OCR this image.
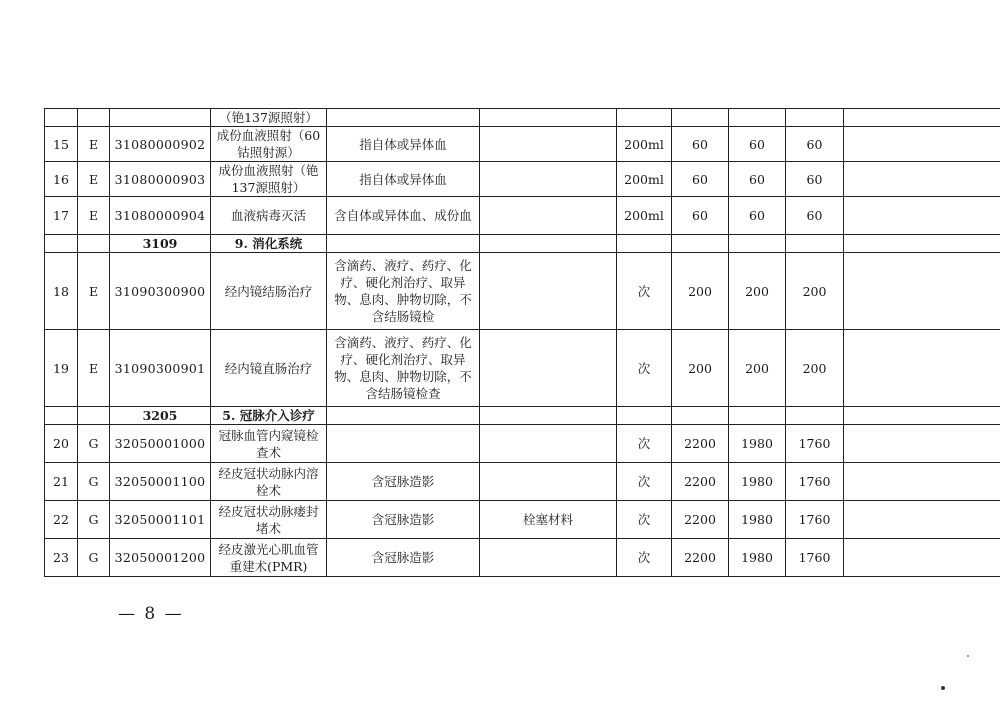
			（铯137源照射）							
15	E	31080000902	成份血液照射（60钴照射源）	指自体或异体血		200ml	60	60	60	
16	E	31080000903	成份血液照射（铯137源照射）	指自体或异体血		200ml	60	60	60	
17	E	31080000904	血液病毒灭活	含自体或异体血、成份血		200ml	60	60	60	
		3109	9. 消化系统							
18	E	31090300900	经内镜结肠治疗	含滴药、液疗、药疗、化疗、硬化剂治疗、取异物、息肉、肿物切除，不含结肠镜检		次	200	200	200	
19	E	31090300901	经内镜直肠治疗	含滴药、液疗、药疗、化疗、硬化剂治疗、取异物、息肉、肿物切除，不含结肠镜检查		次	200	200	200	
		3205	5. 冠脉介入诊疗							
20	G	32050001000	冠脉血管内窥镜检查术			次	2200	1980	1760	
21	G	32050001100	经皮冠状动脉内溶栓术	含冠脉造影		次	2200	1980	1760	
22	G	32050001101	经皮冠状动脉瘘封堵术	含冠脉造影	栓塞材料	次	2200	1980	1760	
23	G	32050001200	经皮激光心肌血管重建术(PMR)	含冠脉造影		次	2200	1980	1760	
— 8 —
